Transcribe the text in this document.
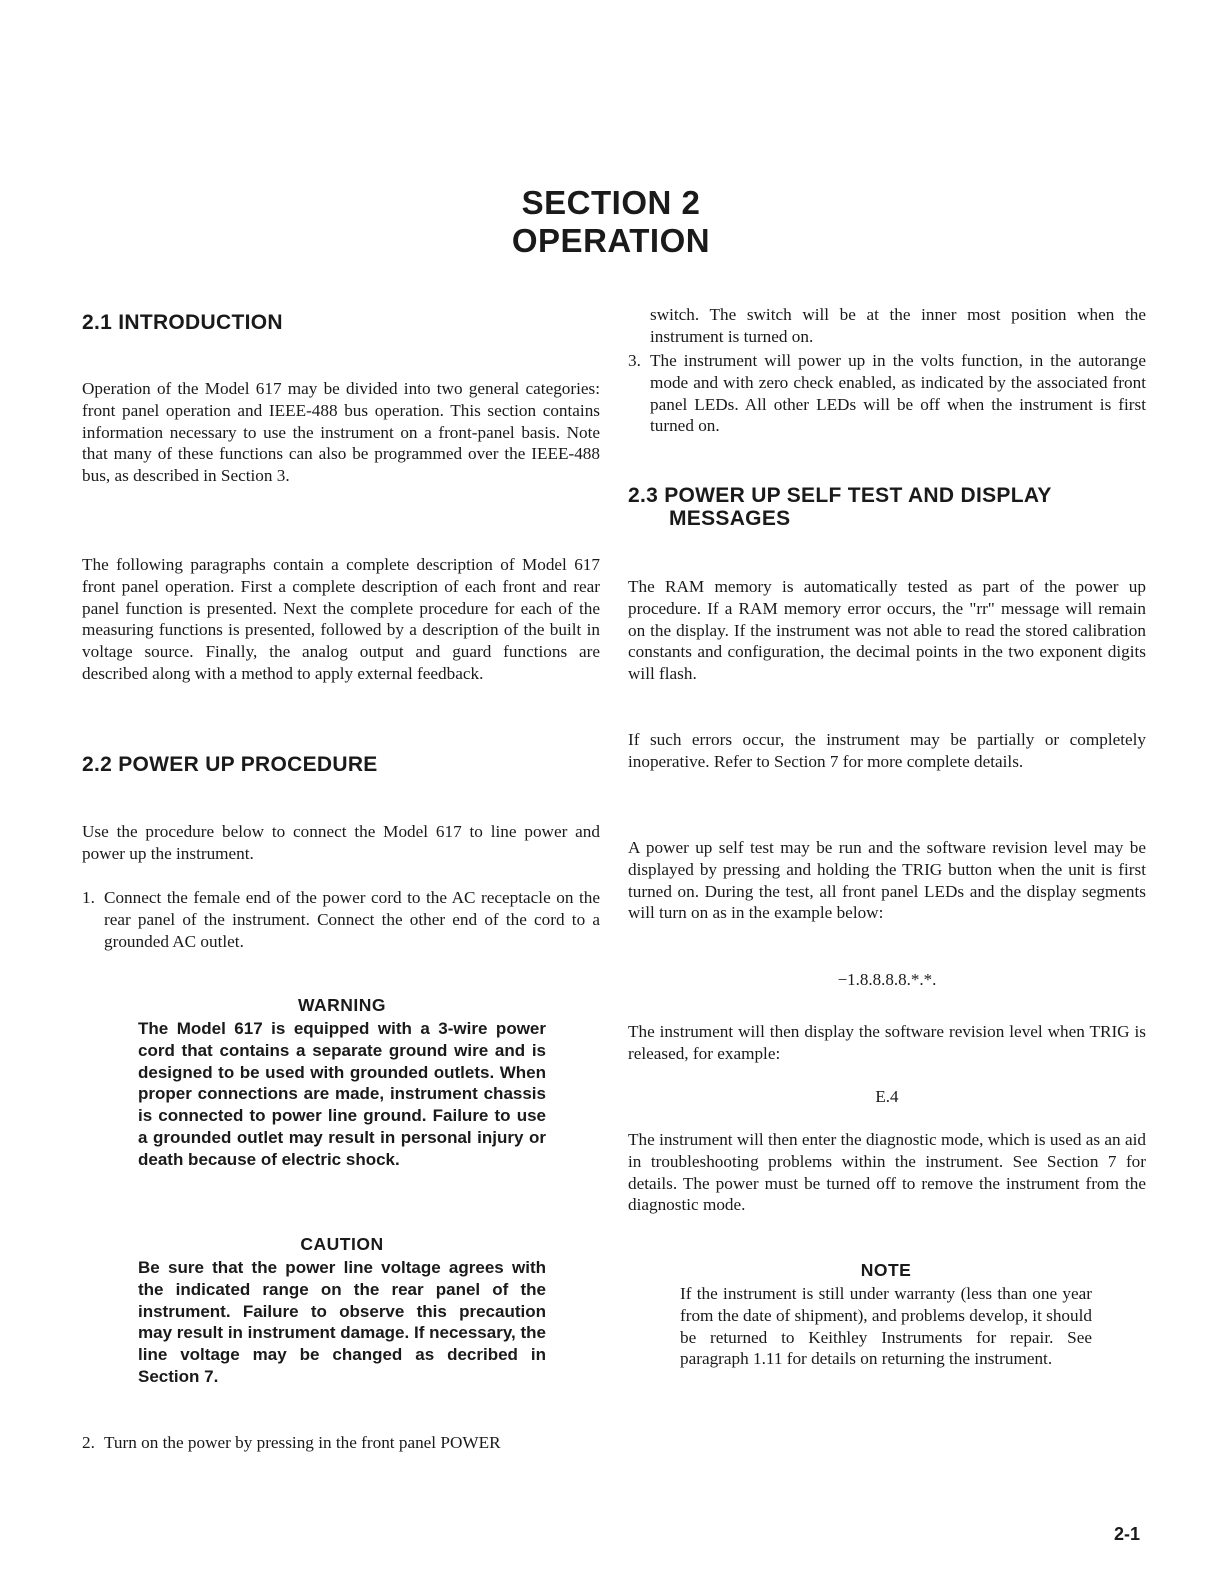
SECTION 2
OPERATION
2.1 INTRODUCTION

Operation of the Model 617 may be divided into two general categories: front panel operation and IEEE-488 bus operation. This section contains information necessary to use the instrument on a front-panel basis. Note that many of these functions can also be programmed over the IEEE-488 bus, as described in Section 3.

The following paragraphs contain a complete description of Model 617 front panel operation. First a complete description of each front and rear panel function is presented. Next the complete procedure for each of the measuring functions is presented, followed by a description of the built in voltage source. Finally, the analog output and guard functions are described along with a method to apply external feedback.

2.2 POWER UP PROCEDURE

Use the procedure below to connect the Model 617 to line power and power up the instrument.

1. Connect the female end of the power cord to the AC receptacle on the rear panel of the instrument. Connect the other end of the cord to a grounded AC outlet.
WARNING

The Model 617 is equipped with a 3-wire power cord that contains a separate ground wire and is designed to be used with grounded outlets. When proper connections are made, instrument chassis is connected to power line ground. Failure to use a grounded outlet may result in personal injury or death because of electric shock.

CAUTION

Be sure that the power line voltage agrees with the indicated range on the rear panel of the instrument. Failure to observe this precaution may result in instrument damage. If necessary, the line voltage may be changed as decribed in Section 7.

2. Turn on the power by pressing in the front panel POWER
switch. The switch will be at the inner most position when the instrument is turned on.
3. The instrument will power up in the volts function, in the autorange mode and with zero check enabled, as indicated by the associated front panel LEDs. All other LEDs will be off when the instrument is first turned on.
2.3 POWER UP SELF TEST AND DISPLAY
MESSAGES

The RAM memory is automatically tested as part of the power up procedure. If a RAM memory error occurs, the "rr" message will remain on the display. If the instrument was not able to read the stored calibration constants and configuration, the decimal points in the two exponent digits will flash.

If such errors occur, the instrument may be partially or completely inoperative. Refer to Section 7 for more complete details.

A power up self test may be run and the software revision level may be displayed by pressing and holding the TRIG button when the unit is first turned on. During the test, all front panel LEDs and the display segments will turn on as in the example below:

−1.8.8.8.8.*.*.

The instrument will then display the software revision level when TRIG is released, for example:

E.4

The instrument will then enter the diagnostic mode, which is used as an aid in troubleshooting problems within the instrument. See Section 7 for details. The power must be turned off to remove the instrument from the diagnostic mode.

NOTE

If the instrument is still under warranty (less than one year from the date of shipment), and problems develop, it should be returned to Keithley Instruments for repair. See paragraph 1.11 for details on returning the instrument.

2-1
